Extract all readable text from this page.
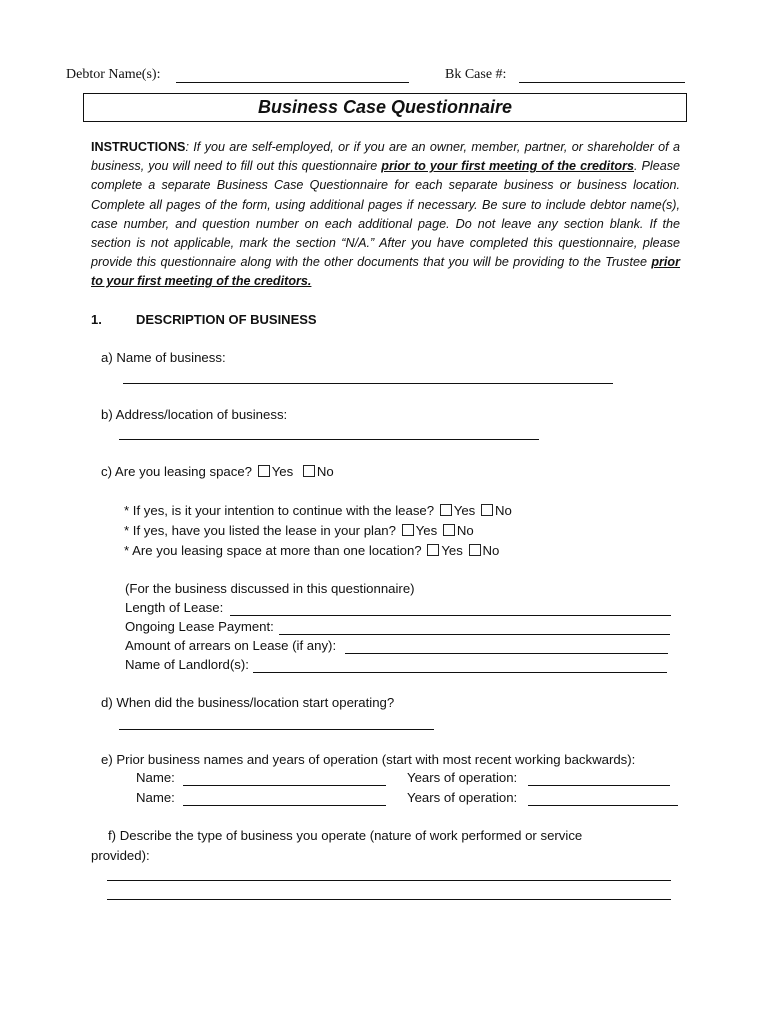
Debtor Name(s):	Bk Case #:
Business Case Questionnaire
INSTRUCTIONS: If you are self-employed, or if you are an owner, member, partner, or shareholder of a business, you will need to fill out this questionnaire prior to your first meeting of the creditors. Please complete a separate Business Case Questionnaire for each separate business or business location. Complete all pages of the form, using additional pages if necessary. Be sure to include debtor name(s), case number, and question number on each additional page. Do not leave any section blank. If the section is not applicable, mark the section “N/A.” After you have completed this questionnaire, please provide this questionnaire along with the other documents that you will be providing to the Trustee prior to your first meeting of the creditors.
1.	DESCRIPTION OF BUSINESS
a) Name of business:
b) Address/location of business:
c) Are you leasing space? Yes No
* If yes, is it your intention to continue with the lease? Yes No
* If yes, have you listed the lease in your plan? Yes No
* Are you leasing space at more than one location? Yes No
(For the business discussed in this questionnaire)
Length of Lease:
Ongoing Lease Payment:
Amount of arrears on Lease (if any):
Name of Landlord(s):
d) When did the business/location start operating?
e) Prior business names and years of operation (start with most recent working backwards):
Name:	Years of operation:
Name:	Years of operation:
f) Describe the type of business you operate (nature of work performed or service
provided):
